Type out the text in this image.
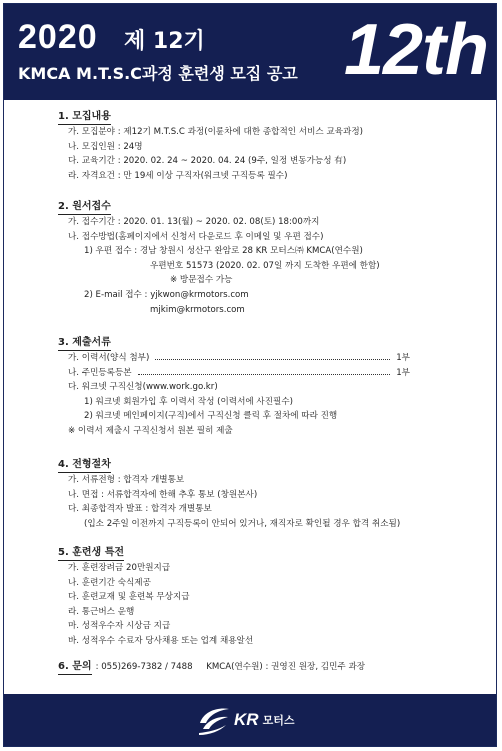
2020 제 12기
KMCA M.T.S.C과정 훈련생 모집 공고 12th
1. 모집내용
가. 모집분야 : 제12기 M.T.S.C 과정(이륜차에 대한 종합적인 서비스 교육과정)
나. 모집인원 : 24명
다. 교육기간 : 2020. 02. 24 ~ 2020. 04. 24 (9주, 일정 변동가능성 有)
라. 자격요건 : 만 19세 이상 구직자(워크넷 구직등록 필수)
2. 원서접수
가. 접수기간 : 2020. 01. 13(월) ~ 2020. 02. 08(토) 18:00까지
나. 접수방법(홈페이지에서 신청서 다운로드 후 이메일 및 우편 접수)
1) 우편 접수 : 경남 창원시 성산구 완암로 28 KR 모터스㈜ KMCA(연수원)
우편번호 51573 (2020. 02. 07일 까지 도착한 우편에 한함)
※ 방문접수 가능
2) E-mail 접수 : yjkwon@krmotors.com
mjkim@krmotors.com
3. 제출서류
가. 이력서(양식 첨부)	1부
나. 주민등록등본	1부
다. 워크넷 구직신청(www.work.go.kr)
1) 워크넷 회원가입 후 이력서 작성 (이력서에 사진필수)
2) 워크넷 메인페이지(구직)에서 구직신청 클릭 후 절차에 따라 진행
※ 이력서 제출시 구직신청서 원본 필히 제출
4. 전형절차
가. 서류전형 : 합격자 개별통보
나. 면접 : 서류합격자에 한해 추후 통보 (창원본사)
다. 최종합격자 발표 : 합격자 개별통보
(입소 2주일 이전까지 구직등록이 안되어 있거나, 재직자로 확인될 경우 합격 취소됨)
5. 훈련생 특전
가. 훈련장려금 20만원지급
나. 훈련기간 숙식제공
다. 훈련교재 및 훈련복 무상지급
라. 통근버스 운행
마. 성적우수자 시상금 지급
바. 성적우수 수료자 당사채용 또는 업계 채용알선
6. 문의 : 055)269-7382 / 7488     KMCA(연수원) : 권영진 원장, 김민주 과장
KR 모터스
